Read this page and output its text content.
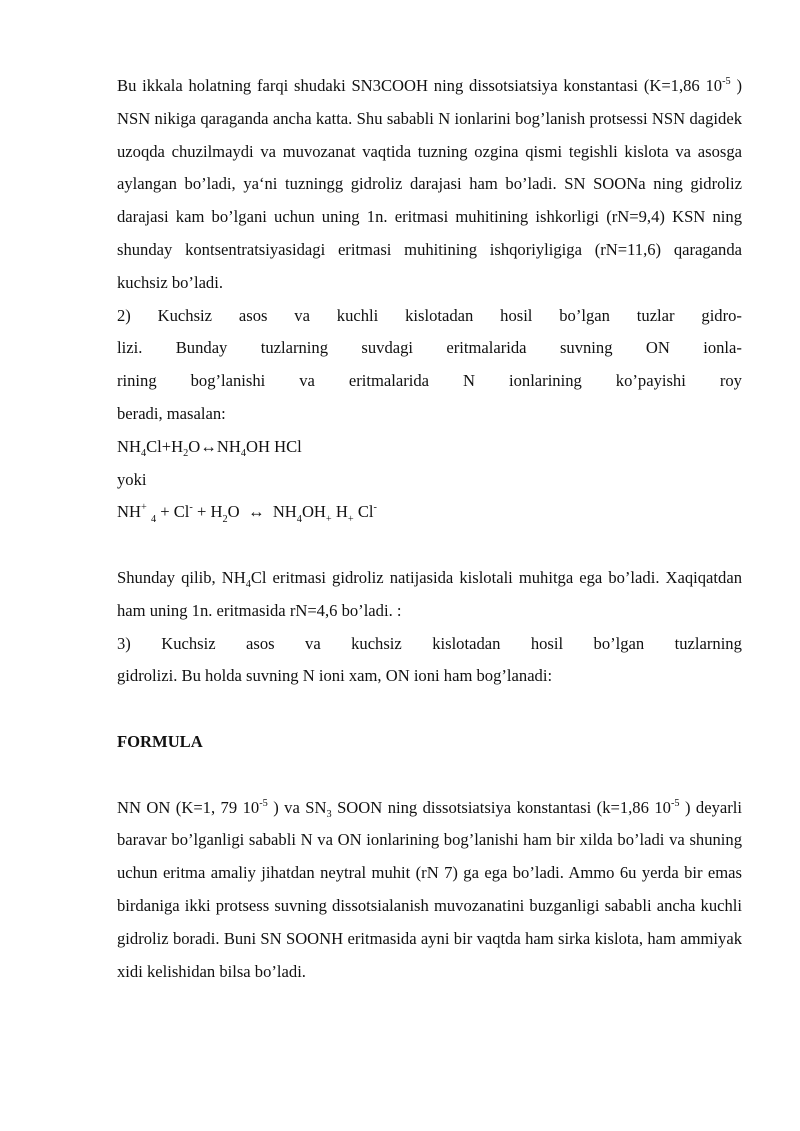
Bu ikkala holatning farqi shudaki SN3COOH ning dissotsiatsiya konstantasi (K=1,86 $10^{-5}$ ) NSN nikiga qaraganda ancha katta. Shu sababli N ionlarini bog’lanish protsessi NSN dagidek uzoqda chuzilmaydi va muvozanat vaqtida tuzning ozgina qismi tegishli kislota va asosga aylangan bo’ladi, ya‘ni tuzningg gidroliz darajasi ham bo’ladi. SN SOONa ning gidroliz darajasi kam bo’lgani uchun uning 1n. eritmasi muhitining ishkorligi (rN=9,4) KSN ning shunday kontsentratsiyasidagi eritmasi muhitining ishqoriyligiga (rN=11,6) qaraganda kuchsiz bo’ladi.

2) Kuchsiz asos va kuchli kislotadan hosil bo’lgan tuzlar gidro-
lizi. Bunday tuzlarning suvdagi eritmalarida suvning ON ionla-
rining bog’lanishi va eritmalarida N ionlarining ko’payishi roy
beradi, masalan:
$NH_4Cl+H_2O\leftrightarrow NH_4OH$ HCl
yoki
NH+ $_4 + Cl^- + H_2O$ ↔ $NH_4OH_+$ $H_+$ Cl-

Shunday qilib, $NH_4Cl$ eritmasi gidroliz natijasida kislotali muhitga ega bo’ladi. Xaqiqatdan ham uning 1n. eritmasida rN=4,6 bo’ladi. :

3) Kuchsiz asos va kuchsiz kislotadan hosil bo’lgan tuzlarning
gidrolizi. Bu holda suvning N ioni xam, ON ioni ham bog’lanadi:
FORMULA

NN ON (K=1, 79 $10^{-5}$ ) va $SN_3$ SOON ning dissotsiatsiya konstantasi (k=1,86 $10^{-5}$ ) deyarli baravar bo’lganligi sababli N va ON ionlarining bog’lanishi ham bir xilda bo’ladi va shuning uchun eritma amaliy jihatdan neytral muhit (rN 7) ga ega bo’ladi. Ammo 6u yerda bir emas birdaniga ikki protsess suvning dissotsialanish muvozanatini buzganligi sababli ancha kuchli gidroliz boradi. Buni SN SOONH eritmasida ayni bir vaqtda ham sirka kislota, ham ammiyak xidi kelishidan bilsa bo’ladi.
